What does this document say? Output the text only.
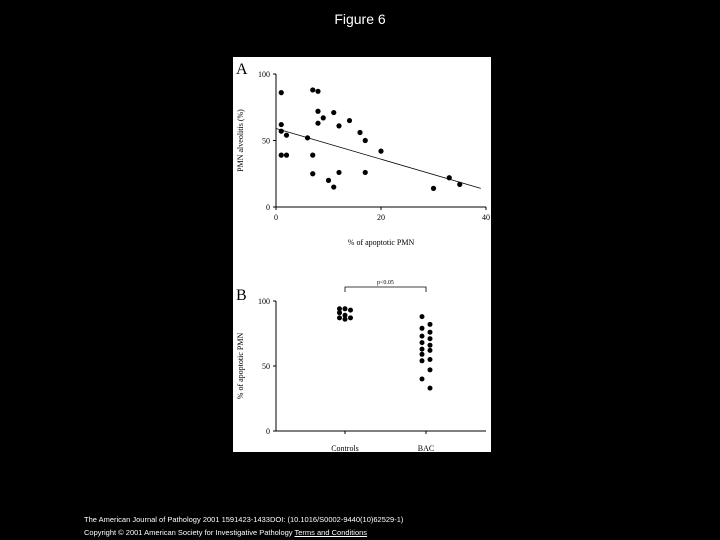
Figure 6
A
0
50
100
0	20	40
% of apoptotic PMN
PMN alveolitis (%)
B
0
50
100
Controls	BAC
% of apoptotic PMN
p<0.05
The American Journal of Pathology 2001 1591423-1433DOI: (10.1016/S0002-9440(10)62529-1)
Copyright © 2001 American Society for Investigative Pathology Terms and Conditions
